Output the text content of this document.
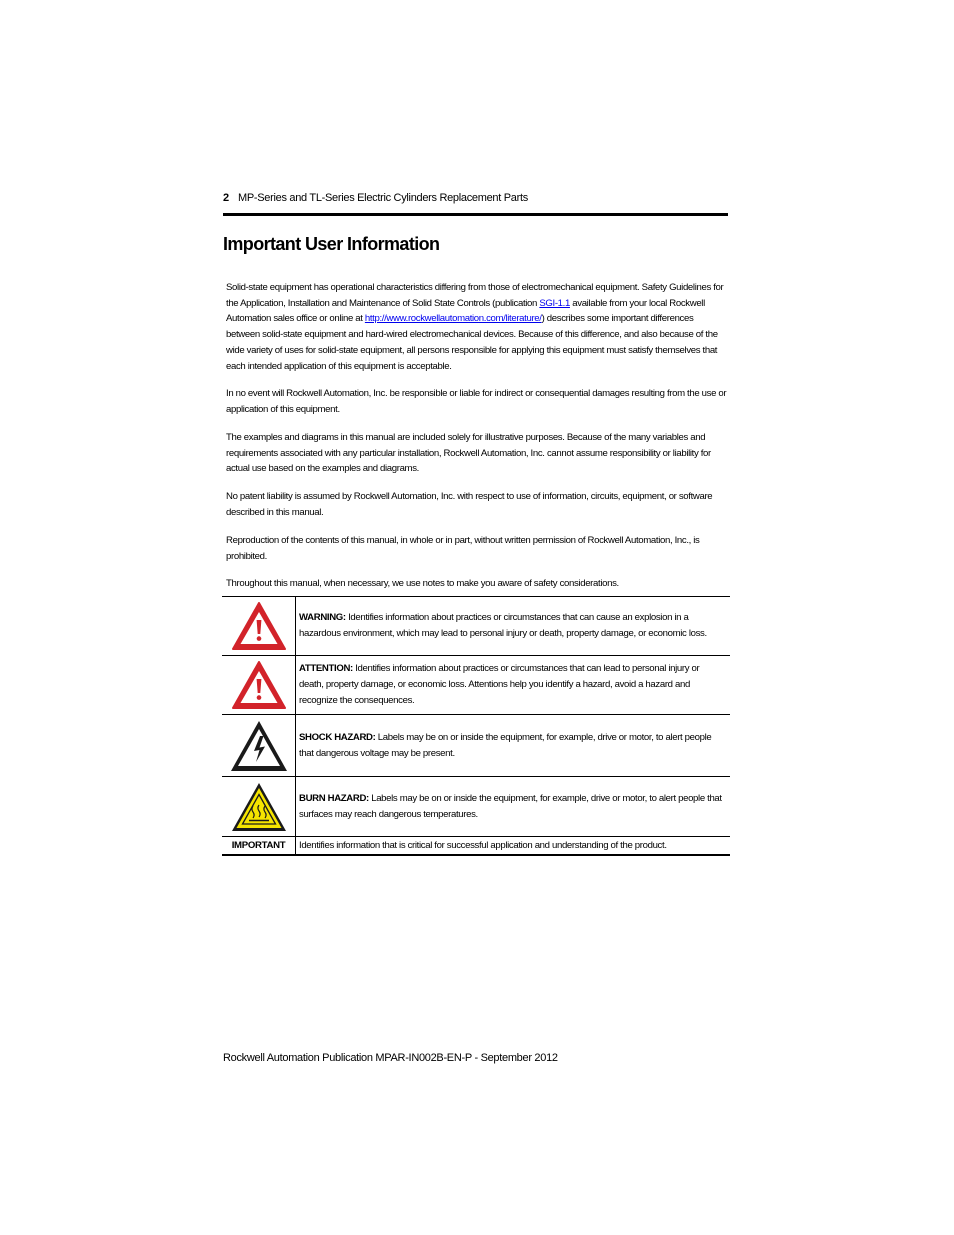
2 MP-Series and TL-Series Electric Cylinders Replacement Parts
Important User Information

Solid-state equipment has operational characteristics differing from those of electromechanical equipment. Safety Guidelines for the Application, Installation and Maintenance of Solid State Controls (publication SGI-1.1 available from your local Rockwell Automation sales office or online at http://www.rockwellautomation.com/literature/) describes some important differences between solid-state equipment and hard-wired electromechanical devices. Because of this difference, and also because of the wide variety of uses for solid-state equipment, all persons responsible for applying this equipment must satisfy themselves that each intended application of this equipment is acceptable.

In no event will Rockwell Automation, Inc. be responsible or liable for indirect or consequential damages resulting from the use or application of this equipment.

The examples and diagrams in this manual are included solely for illustrative purposes. Because of the many variables and requirements associated with any particular installation, Rockwell Automation, Inc. cannot assume responsibility or liability for actual use based on the examples and diagrams.

No patent liability is assumed by Rockwell Automation, Inc. with respect to use of information, circuits, equipment, or software described in this manual.

Reproduction of the contents of this manual, in whole or in part, without written permission of Rockwell Automation, Inc., is prohibited.

Throughout this manual, when necessary, we use notes to make you aware of safety considerations.

WARNING: Identifies information about practices or circumstances that can cause an explosion in a hazardous environment, which may lead to personal injury or death, property damage, or economic loss.
ATTENTION: Identifies information about practices or circumstances that can lead to personal injury or death, property damage, or economic loss. Attentions help you identify a hazard, avoid a hazard and recognize the consequences.
SHOCK HAZARD: Labels may be on or inside the equipment, for example, drive or motor, to alert people that dangerous voltage may be present.
BURN HAZARD: Labels may be on or inside the equipment, for example, drive or motor, to alert people that surfaces may reach dangerous temperatures.
IMPORTANT	Identifies information that is critical for successful application and understanding of the product.
Rockwell Automation Publication MPAR-IN002B-EN-P - September 2012
